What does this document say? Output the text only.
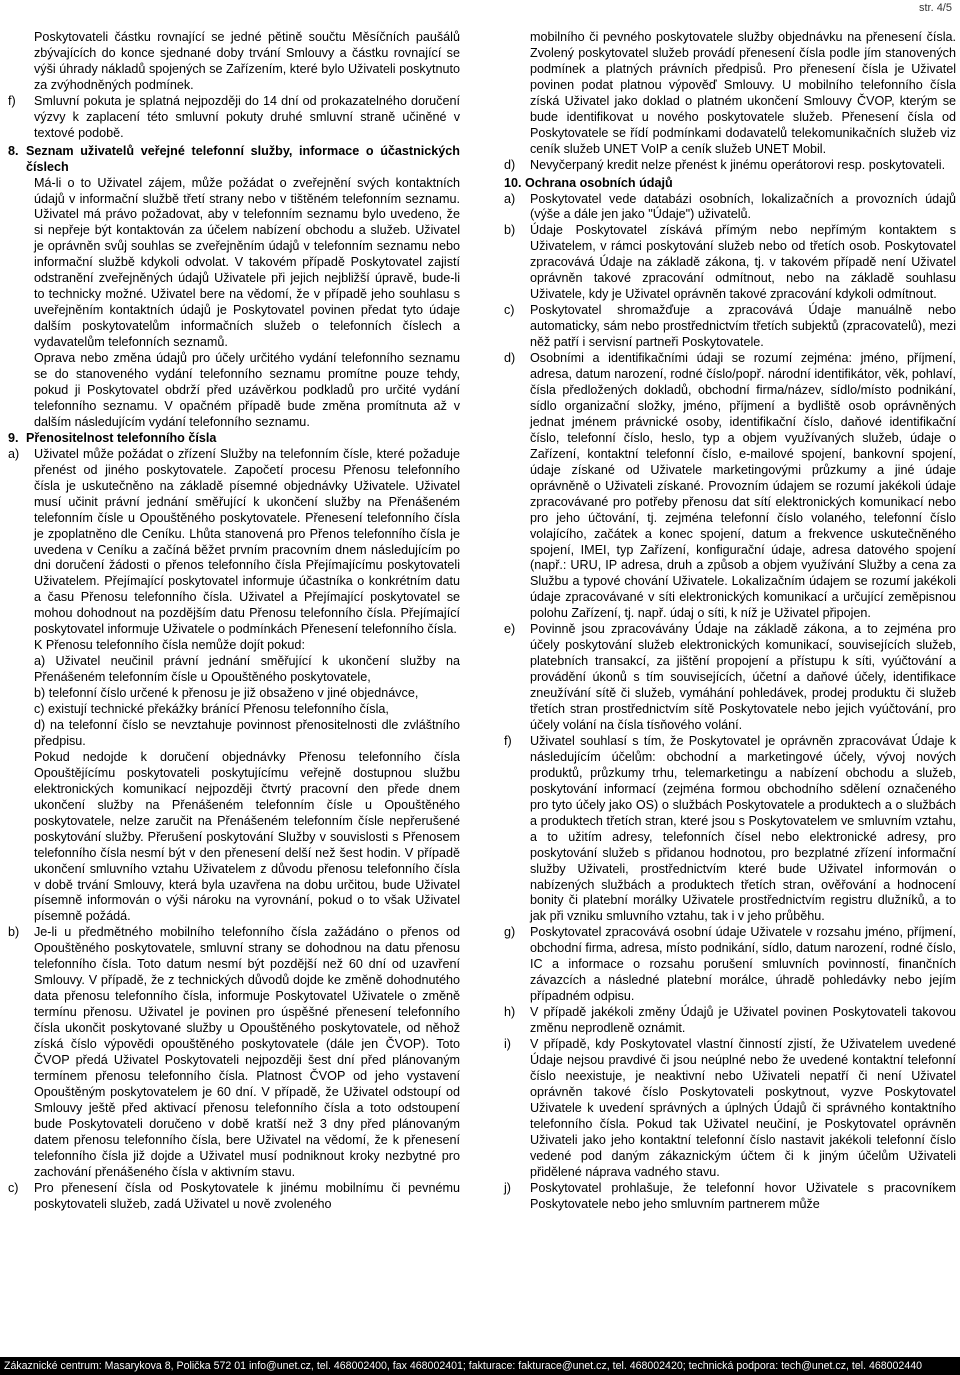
str. 4/5

Poskytovateli částku rovnající se jedné pětině součtu Měsíčních paušálů zbývajících do konce sjednané doby trvání Smlouvy a částku rovnající se výši úhrady nákladů spojených se Zařízením, které bylo Uživateli poskytnuto za zvýhodněných podmínek.

f) Smluvní pokuta je splatná nejpozději do 14 dní od prokazatelného doručení výzvy k zaplacení této smluvní pokuty druhé smluvní straně učiněné v textové podobě.
8. Seznam uživatelů veřejné telefonní služby, informace o účastnických číslech

Má-li o to Uživatel zájem, může požádat o zveřejnění svých kontaktních údajů v informační službě třetí strany nebo v tištěném telefonním seznamu. Uživatel má právo požadovat, aby v telefonním seznamu bylo uvedeno, že si nepřeje být kontaktován za účelem nabízení obchodu a služeb. Uživatel je oprávněn svůj souhlas se zveřejněním údajů v telefonním seznamu nebo informační službě kdykoli odvolat. V takovém případě Poskytovatel zajistí odstranění zveřejněných údajů Uživatele při jejich nejbližší úpravě, bude-li to technicky možné. Uživatel bere na vědomí, že v případě jeho souhlasu s uveřejněním kontaktních údajů je Poskytovatel povinen předat tyto údaje dalším poskytovatelům informačních služeb o telefonních číslech a vydavatelům telefonních seznamů.

Oprava nebo změna údajů pro účely určitého vydání telefonního seznamu se do stanoveného vydání telefonního seznamu promítne pouze tehdy, pokud ji Poskytovatel obdrží před uzávěrkou podkladů pro určité vydání telefonního seznamu. V opačném případě bude změna promítnuta až v dalším následujícím vydání telefonního seznamu.

9. Přenositelnost telefonního čísla
a) Uživatel může požádat o zřízení Služby na telefonním čísle, které požaduje přenést od jiného poskytovatele. Započetí procesu Přenosu telefonního čísla je uskutečněno na základě písemné objednávky Uživatele. Uživatel musí učinit právní jednání směřující k ukončení služby na Přenášeném telefonním čísle u Opouštěného poskytovatele. Přenesení telefonního čísla je zpoplatněno dle Ceníku. Lhůta stanovená pro Přenos telefonního čísla je uvedena v Ceníku a začíná běžet prvním pracovním dnem následujícím po dni doručení žádosti o přenos telefonního čísla Přejímajícímu poskytovateli Uživatelem. Přejímající poskytovatel informuje účastníka o konkrétním datu a času Přenosu telefonního čísla. Uživatel a Přejímající poskytovatel se mohou dohodnout na pozdějším datu Přenosu telefonního čísla. Přejímající poskytovatel informuje Uživatele o podmínkách Přenesení telefonního čísla.

K Přenosu telefonního čísla nemůže dojít pokud:

a) Uživatel neučinil právní jednání směřující k ukončení služby na Přenášeném telefonním čísle u Opouštěného poskytovatele,

b) telefonní číslo určené k přenosu je již obsaženo v jiné objednávce,

c) existují technické překážky bránící Přenosu telefonního čísla,

d) na telefonní číslo se nevztahuje povinnost přenositelnosti dle zvláštního předpisu.

Pokud nedojde k doručení objednávky Přenosu telefonního čísla Opouštějícímu poskytovateli poskytujícímu veřejně dostupnou službu elektronických komunikací nejpozději čtvrtý pracovní den přede dnem ukončení služby na Přenášeném telefonním čísle u Opouštěného poskytovatele, nelze zaručit na Přenášeném telefonním čísle nepřerušené poskytování služby. Přerušení poskytování Služby v souvislosti s Přenosem telefonního čísla nesmí být v den přenesení delší než šest hodin. V případě ukončení smluvního vztahu Uživatelem z důvodu přenosu telefonního čísla v době trvání Smlouvy, která byla uzavřena na dobu určitou, bude Uživatel písemně informován o výši nároku na vyrovnání, pokud o to však Uživatel písemně požádá.

b) Je-li u předmětného mobilního telefonního čísla zažádáno o přenos od Opouštěného poskytovatele, smluvní strany se dohodnou na datu přenosu telefonního čísla. Toto datum nesmí být pozdější než 60 dní od uzavření Smlouvy. V případě, že z technických důvodů dojde ke změně dohodnutého data přenosu telefonního čísla, informuje Poskytovatel Uživatele o změně termínu přenosu. Uživatel je povinen pro úspěšné přenesení telefonního čísla ukončit poskytované služby u Opouštěného poskytovatele, od něhož získá číslo výpovědi opouštěného poskytovatele (dále jen ČVOP). Toto ČVOP předá Uživatel Poskytovateli nejpozději šest dní před plánovaným termínem přenosu telefonního čísla. Platnost ČVOP od jeho vystavení Opouštěným poskytovatelem je 60 dní. V případě, že Uživatel odstoupí od Smlouvy ještě před aktivací přenosu telefonního čísla a toto odstoupení bude Poskytovateli doručeno v době kratší než 3 dny před plánovaným datem přenosu telefonního čísla, bere Uživatel na vědomí, že k přenesení telefonního čísla již dojde a Uživatel musí podniknout kroky nezbytné pro zachování přenášeného čísla v aktivním stavu.
c) Pro přenesení čísla od Poskytovatele k jinému mobilnímu či pevnému poskytovateli služeb, zadá Uživatel u nově zvoleného

mobilního či pevného poskytovatele služby objednávku na přenesení čísla. Zvolený poskytovatel služeb provádí přenesení čísla podle jím stanovených podmínek a platných právních předpisů. Pro přenesení čísla je Uživatel povinen podat platnou výpověď Smlouvy. U mobilního telefonního čísla získá Uživatel jako doklad o platném ukončení Smlouvy ČVOP, kterým se bude identifikovat u nového poskytovatele služeb. Přenesení čísla od Poskytovatele se řídí podmínkami dodavatelů telekomunikačních služeb viz ceník služeb UNET VoIP a ceník služeb UNET Mobil.

d) Nevyčerpaný kredit nelze přenést k jinému operátorovi resp. poskytovateli.
10. Ochrana osobních údajů
a) Poskytovatel vede databázi osobních, lokalizačních a provozních údajů (výše a dále jen jako "Údaje") uživatelů.
b) Údaje Poskytovatel získává přímým nebo nepřímým kontaktem s Uživatelem, v rámci poskytování služeb nebo od třetích osob. Poskytovatel zpracovává Údaje na základě zákona, tj. v takovém případě není Uživatel oprávněn takové zpracování odmítnout, nebo na základě souhlasu Uživatele, kdy je Uživatel oprávněn takové zpracování kdykoli odmítnout.
c) Poskytovatel shromažďuje a zpracovává Údaje manuálně nebo automaticky, sám nebo prostřednictvím třetích subjektů (zpracovatelů), mezi něž patří i servisní partneři Poskytovatele.
d) Osobními a identifikačními údaji se rozumí zejména: jméno, příjmení, adresa, datum narození, rodné číslo/popř. národní identifikátor, věk, pohlaví, čísla předložených dokladů, obchodní firma/název, sídlo/místo podnikání, sídlo organizační složky, jméno, příjmení a bydliště osob oprávněných jednat jménem právnické osoby, identifikační číslo, daňové identifikační číslo, telefonní číslo, heslo, typ a objem využívaných služeb, údaje o Zařízení, kontaktní telefonní číslo, e-mailové spojení, bankovní spojení, údaje získané od Uživatele marketingovými průzkumy a jiné údaje oprávněně o Uživateli získané. Provozním údajem se rozumí jakékoli údaje zpracovávané pro potřeby přenosu dat sítí elektronických komunikací nebo pro jeho účtování, tj. zejména telefonní číslo volaného, telefonní číslo volajícího, začátek a konec spojení, datum a frekvence uskutečněného spojení, IMEI, typ Zařízení, konfigurační údaje, adresa datového spojení (např.: URU, IP adresa, druh a způsob a objem využívání Služby a cena za Službu a typové chování Uživatele. Lokalizačním údajem se rozumí jakékoli údaje zpracovávané v síti elektronických komunikací a určující zeměpisnou polohu Zařízení, tj. např. údaj o síti, k níž je Uživatel připojen.
e) Povinně jsou zpracovávány Údaje na základě zákona, a to zejména pro účely poskytování služeb elektronických komunikací, souvisejících služeb, platebních transakcí, za jištění propojení a přístupu k síti, vyúčtování a provádění úkonů s tím souvisejících, účetní a daňové účely, identifikace zneužívání sítě či služeb, vymáhání pohledávek, prodej produktu či služeb třetích stran prostřednictvím sítě Poskytovatele nebo jejich vyúčtování, pro účely volání na čísla tísňového volání.
f) Uživatel souhlasí s tím, že Poskytovatel je oprávněn zpracovávat Údaje k následujícím účelům: obchodní a marketingové účely, vývoj nových produktů, průzkumy trhu, telemarketingu a nabízení obchodu a služeb, poskytování informací (zejména formou obchodního sdělení označeného pro tyto účely jako OS) o službách Poskytovatele a produktech a o službách a produktech třetích stran, které jsou s Poskytovatelem ve smluvním vztahu, a to užitím adresy, telefonních čísel nebo elektronické adresy, pro poskytování služeb s přidanou hodnotou, pro bezplatné zřízení informační služby Uživateli, prostřednictvím které bude Uživatel informován o nabízených službách a produktech třetích stran, ověřování a hodnocení bonity či platební morálky Uživatele prostřednictvím registru dlužníků, a to jak při vzniku smluvního vztahu, tak i v jeho průběhu.
g) Poskytovatel zpracovává osobní údaje Uživatele v rozsahu jméno, příjmení, obchodní firma, adresa, místo podnikání, sídlo, datum narození, rodné číslo, IC a informace o rozsahu porušení smluvních povinností, finančních závazcích a následné platební morálce, úhradě pohledávky nebo jejím případném odpisu.
h) V případě jakékoli změny Údajů je Uživatel povinen Poskytovateli takovou změnu neprodleně oznámit.
i) V případě, kdy Poskytovatel vlastní činností zjistí, že Uživatelem uvedené Údaje nejsou pravdivé či jsou neúplné nebo že uvedené kontaktní telefonní číslo neexistuje, je neaktivní nebo Uživateli nepatří či není Uživatel oprávněn takové číslo Poskytovateli poskytnout, vyzve Poskytovatel Uživatele k uvedení správných a úplných Údajů či správného kontaktního telefonního čísla. Pokud tak Uživatel neučiní, je Poskytovatel oprávněn Uživateli jako jeho kontaktní telefonní číslo nastavit jakékoli telefonní číslo vedené pod daným zákaznickým účtem či k jiným účelům Uživateli přidělené náprava vadného stavu.
j) Poskytovatel prohlašuje, že telefonní hovor Uživatele s pracovníkem Poskytovatele nebo jeho smluvním partnerem může
Zákaznické centrum: Masarykova 8, Polička 572 01 info@unet.cz, tel. 468002400, fax 468002401; fakturace: fakturace@unet.cz, tel. 468002420; technická podpora: tech@unet.cz, tel. 468002440
